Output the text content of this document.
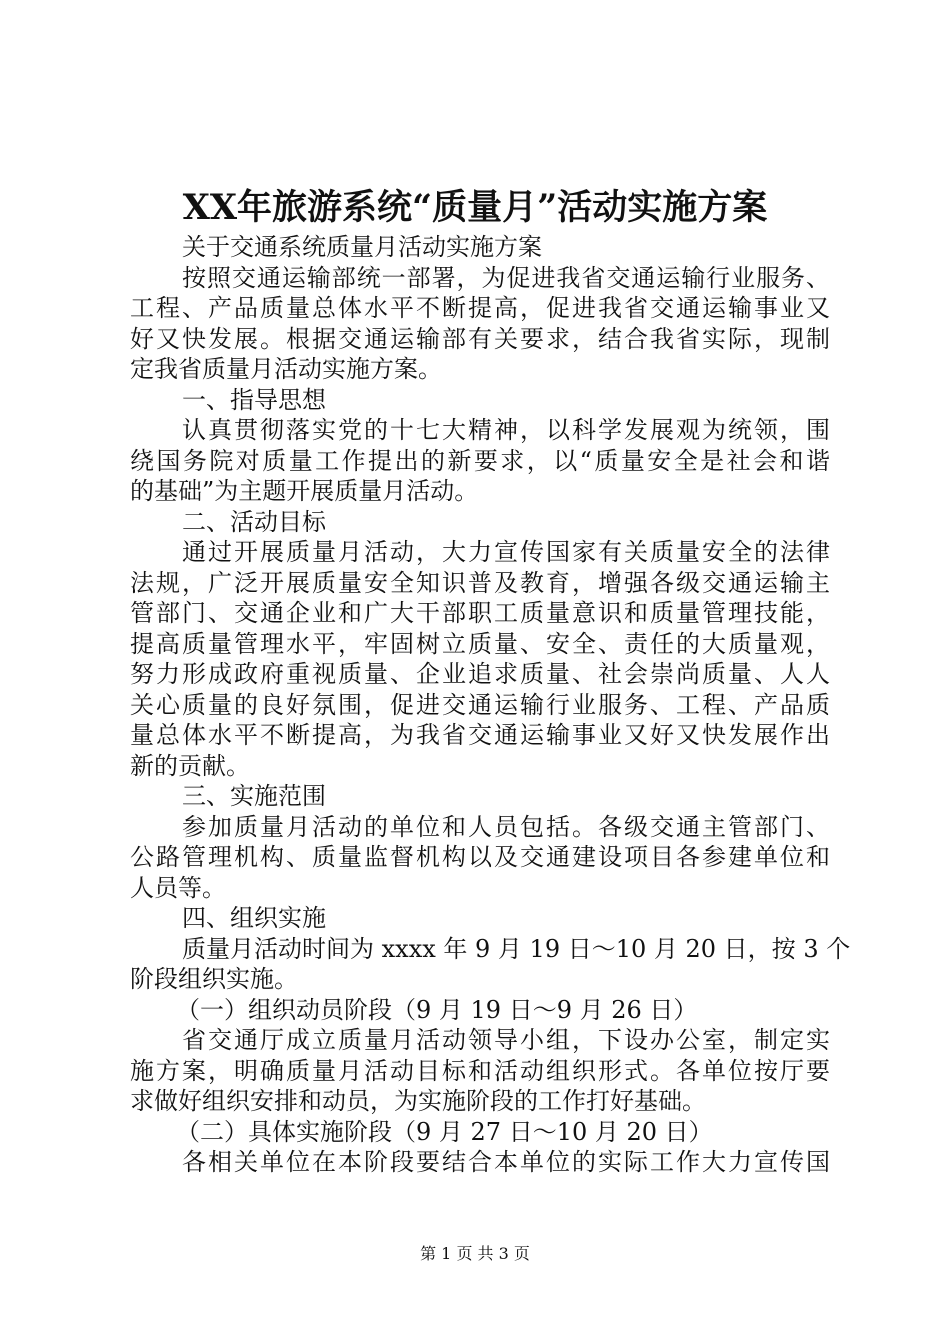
XX年旅游系统“质量月”活动实施方案
关于交通系统质量月活动实施方案
按照交通运输部统一部署，为促进我省交通运输行业服务、
工程、产品质量总体水平不断提高，促进我省交通运输事业又
好又快发展。根据交通运输部有关要求，结合我省实际，现制
定我省质量月活动实施方案。
一、指导思想
认真贯彻落实党的十七大精神，以科学发展观为统领，围
绕国务院对质量工作提出的新要求，以“质量安全是社会和谐
的基础”为主题开展质量月活动。
二、活动目标
通过开展质量月活动，大力宣传国家有关质量安全的法律
法规，广泛开展质量安全知识普及教育，增强各级交通运输主
管部门、交通企业和广大干部职工质量意识和质量管理技能，
提高质量管理水平，牢固树立质量、安全、责任的大质量观，
努力形成政府重视质量、企业追求质量、社会崇尚质量、人人
关心质量的良好氛围，促进交通运输行业服务、工程、产品质
量总体水平不断提高，为我省交通运输事业又好又快发展作出
新的贡献。
三、实施范围
参加质量月活动的单位和人员包括。各级交通主管部门、
公路管理机构、质量监督机构以及交通建设项目各参建单位和
人员等。
四、组织实施
质量月活动时间为 xxxx 年 9 月 19 日～10 月 20 日，按 3 个
阶段组织实施。
（一）组织动员阶段（9 月 19 日～9 月 26 日）
省交通厅成立质量月活动领导小组，下设办公室，制定实
施方案，明确质量月活动目标和活动组织形式。各单位按厅要
求做好组织安排和动员，为实施阶段的工作打好基础。
（二）具体实施阶段（9 月 27 日～10 月 20 日）
各相关单位在本阶段要结合本单位的实际工作大力宣传国
第 1 页 共 3 页
